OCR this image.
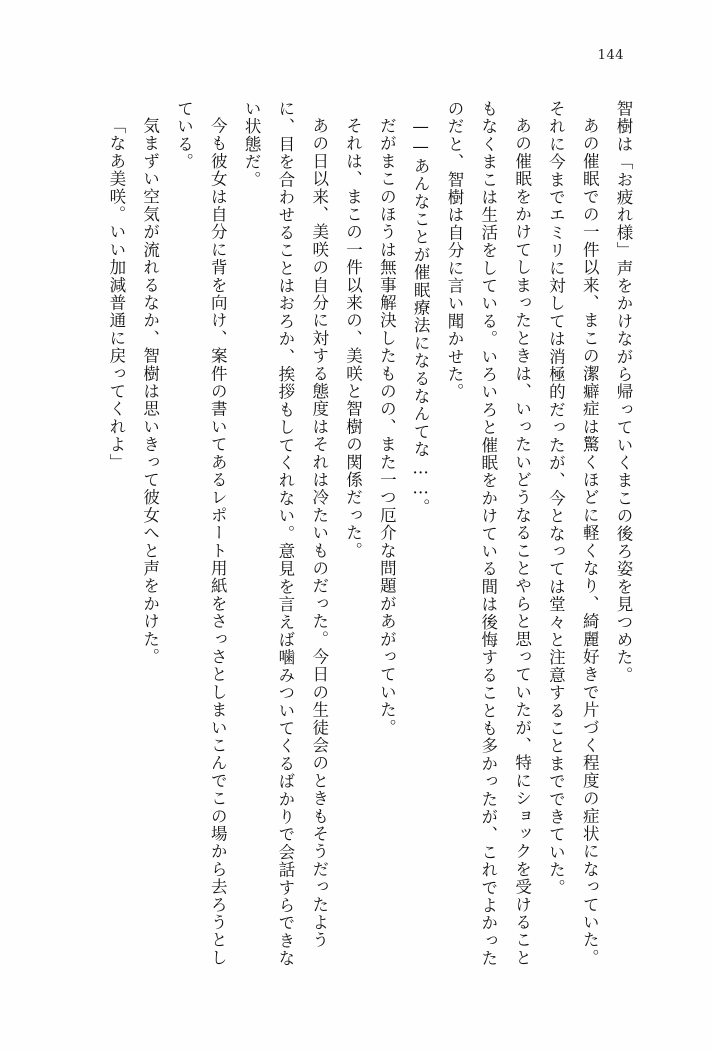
144

智樹は「お疲れ様」声をかけながら帰っていくまこの後ろ姿を見つめた。

あの催眠での一件以来、まこの潔癖症は驚くほどに軽くなり、綺麗好きで片づく程度の症状になっていた。それに今までエミリに対しては消極的だったが、今となっては堂々と注意することまでできていた。

あの催眠をかけてしまったときは、いったいどうなることやらと思っていたが、特にショックを受けることもなくまこは生活をしている。いろいろと催眠をかけている間は後悔することも多かったが、これでよかったのだと、智樹は自分に言い聞かせた。

——あんなことが催眠療法になるなんてな……。

だがまこのほうは無事解決したものの、また一つ厄介な問題があがっていた。

それは、まこの一件以来の、美咲と智樹の関係だった。

あの日以来、美咲の自分に対する態度はそれは冷たいものだった。今日の生徒会のときもそうだったように、目を合わせることはおろか、挨拶もしてくれない。意見を言えば噛みついてくるばかりで会話すらできない状態だ。

今も彼女は自分に背を向け、案件の書いてあるレポート用紙をさっさとしまいこんでこの場から去ろうとしている。

気まずい空気が流れるなか、智樹は思いきって彼女へと声をかけた。

「なあ美咲。いい加減普通に戻ってくれよ」
